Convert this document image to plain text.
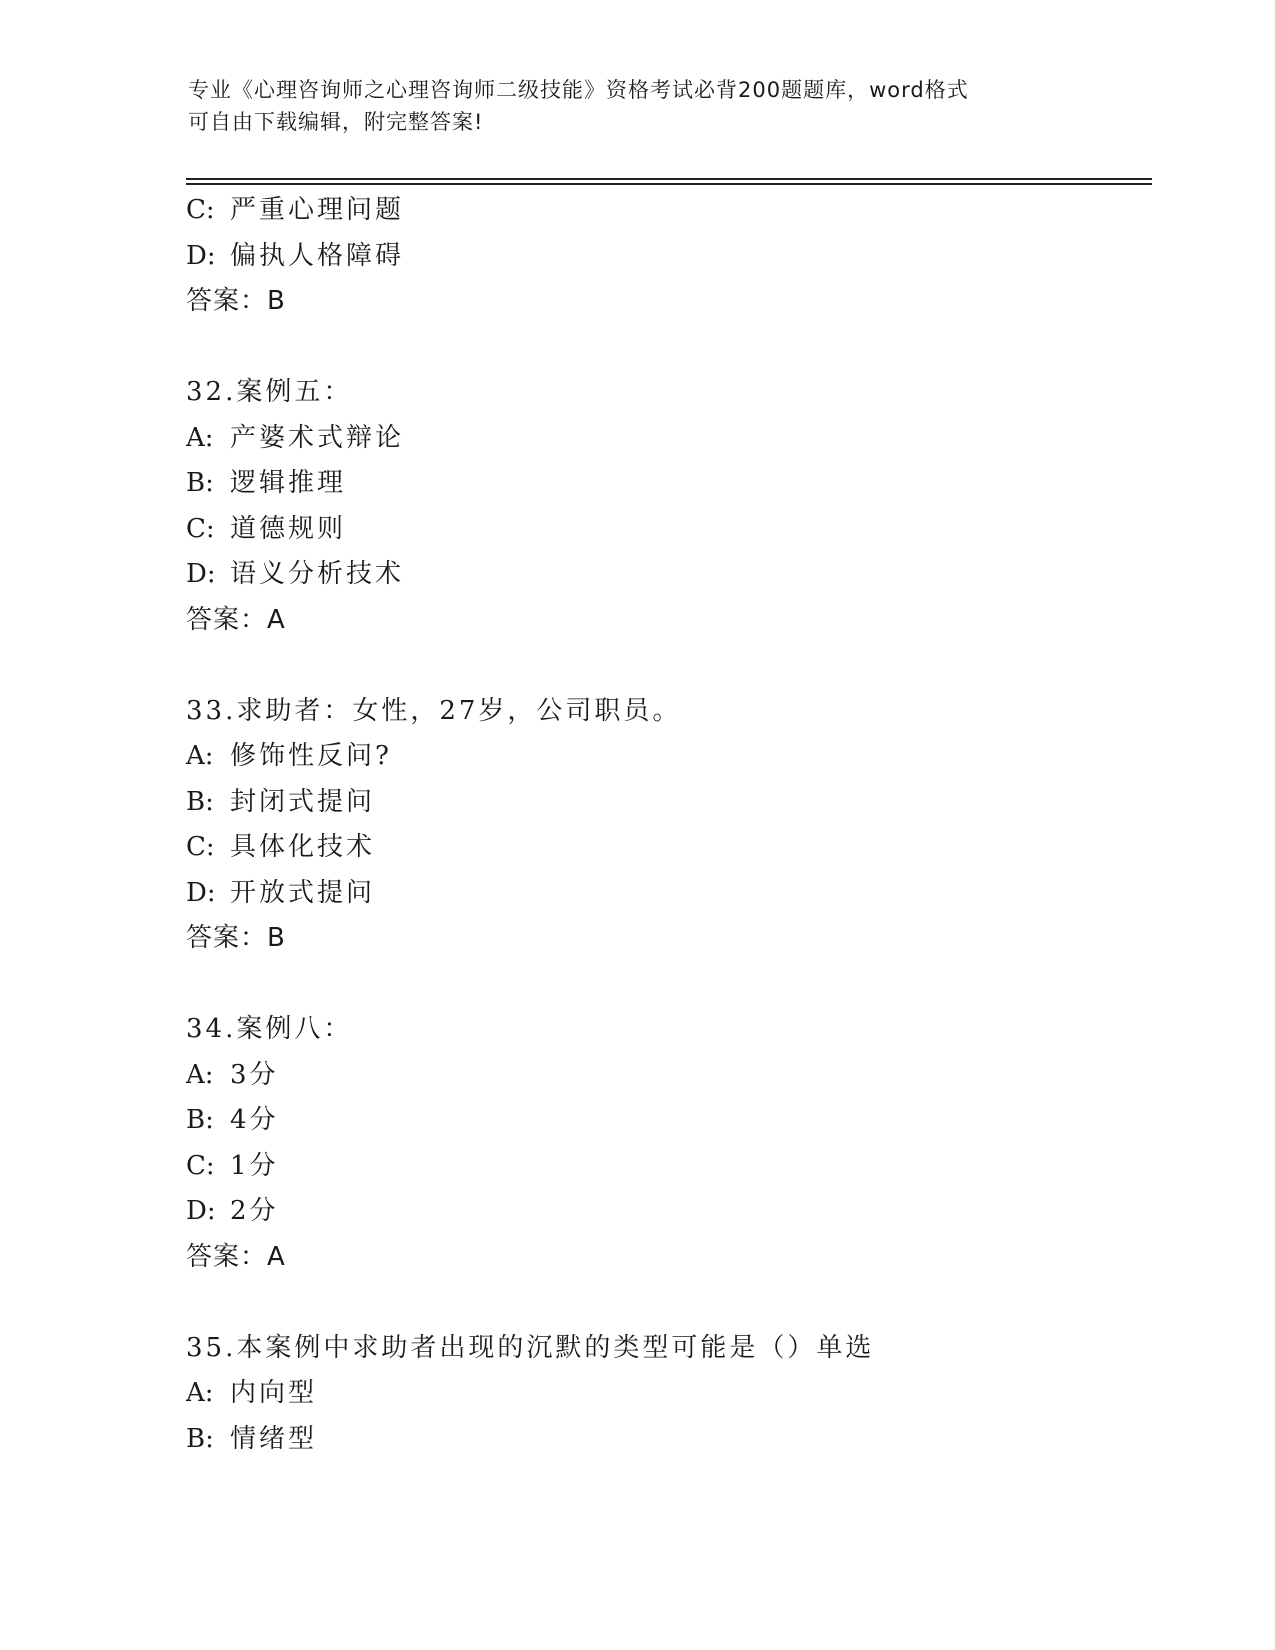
专业《心理咨询师之心理咨询师二级技能》资格考试必背200题题库，word格式
可自由下载编辑，附完整答案!
C: 严重心理问题
D: 偏执人格障碍
答案：B
32.案例五：
A: 产婆术式辩论
B: 逻辑推理
C: 道德规则
D: 语义分析技术
答案：A
33.求助者：女性，27岁，公司职员。
A: 修饰性反问?
B: 封闭式提问
C: 具体化技术
D: 开放式提问
答案：B
34.案例八：
A: 3分
B: 4分
C: 1分
D: 2分
答案：A
35.本案例中求助者出现的沉默的类型可能是（）单选
A: 内向型
B: 情绪型
